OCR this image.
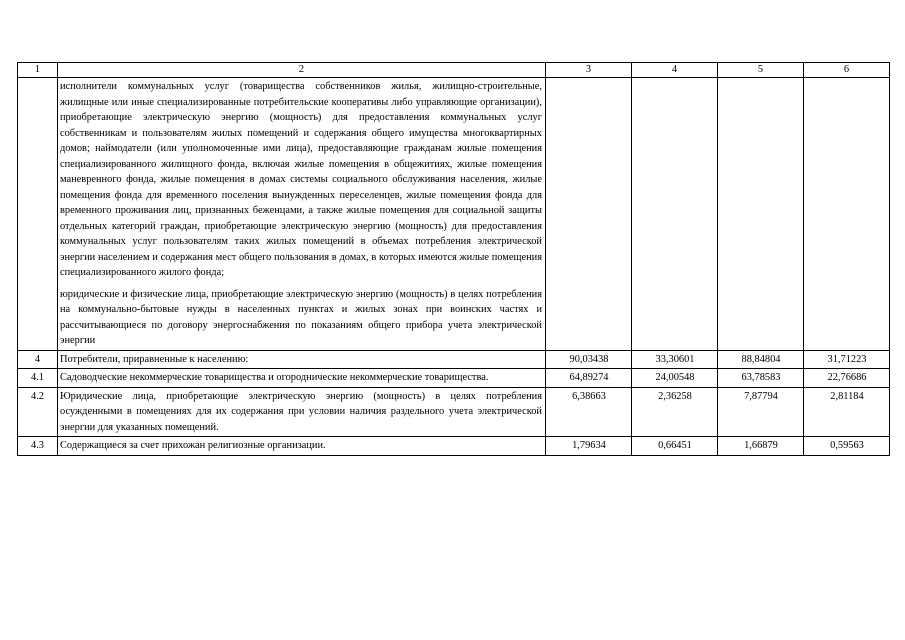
1	2	3	4	5	6

	исполнители коммунальных услуг (товарищества собственников жилья, жилищно-строительные, жилищные или иные специализированные потребительские кооперативы либо управляющие организации), приобретающие электрическую энергию (мощность) для предоставления коммунальных услуг собственникам и пользователям жилых помещений и содержания общего имущества многоквартирных домов; наймодатели (или уполномоченные ими лица), предоставляющие гражданам жилые помещения специализированного жилищного фонда, включая жилые помещения в общежитиях, жилые помещения маневренного фонда, жилые помещения в домах системы социального обслуживания населения, жилые помещения фонда для временного поселения вынужденных переселенцев, жилые помещения фонда для временного проживания лиц, признанных беженцами, а также жилые помещения для социальной защиты отдельных категорий граждан, приобретающие электрическую энергию (мощность) для предоставления коммунальных услуг пользователям таких жилых помещений в объемах потребления электрической энергии населением и содержания мест общего пользования в домах, в которых имеются жилые помещения специализированного жилого фонда;

юридические и физические лица, приобретающие электрическую энергию (мощность) в целях потребления на коммунально-бытовые нужды в населенных пунктах и жилых зонах при воинских частях и рассчитывающиеся по договору энергоснабжения по показаниям общего прибора учета электрической энергии				

4	Потребители, приравненные к населению:	90,03438	33,30601	88,84804	31,71223
4.1	Садоводческие некоммерческие товарищества и огороднические некоммерческие товарищества.	64,89274	24,00548	63,78583	22,76686
4.2	Юридические лица, приобретающие электрическую энергию (мощность) в целях потребления осужденными в помещениях для их содержания при условии наличия раздельного учета электрической энергии для указанных помещений.	6,38663	2,36258	7,87794	2,81184
4.3	Содержащиеся за счет прихожан религиозные организации.	1,79634	0,66451	1,66879	0,59563
